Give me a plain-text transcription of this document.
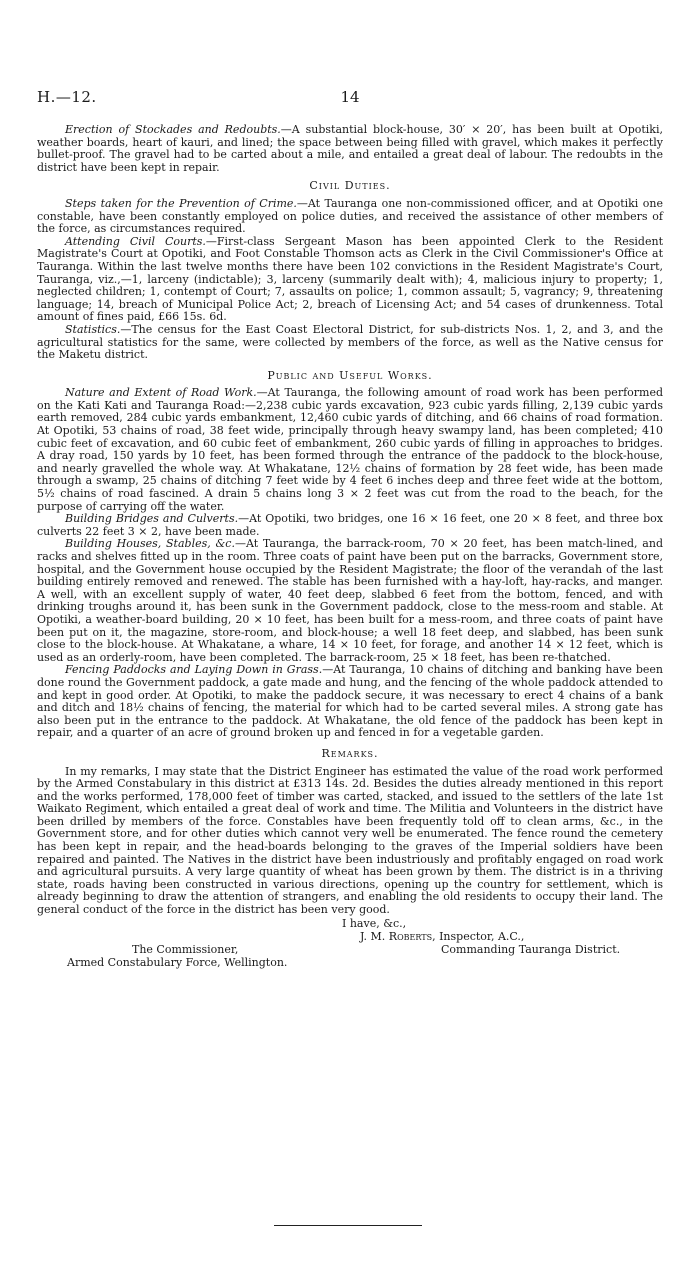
H.—12.	14

Erection of Stockades and Redoubts.—A substantial block-house, 30′ × 20′, has been built at Opotiki, weather boards, heart of kauri, and lined; the space between being filled with gravel, which makes it perfectly bullet-proof. The gravel had to be carted about a mile, and entailed a great deal of labour. The redoubts in the district have been kept in repair.

Civil Duties.

Steps taken for the Prevention of Crime.—At Tauranga one non-commissioned officer, and at Opotiki one constable, have been constantly employed on police duties, and received the assistance of other members of the force, as circumstances required.

Attending Civil Courts.—First-class Sergeant Mason has been appointed Clerk to the Resident Magistrate's Court at Opotiki, and Foot Constable Thomson acts as Clerk in the Civil Commissioner's Office at Tauranga. Within the last twelve months there have been 102 convictions in the Resident Magistrate's Court, Tauranga, viz.,—1, larceny (indictable); 3, larceny (summarily dealt with); 4, malicious injury to property; 1, neglected children; 1, contempt of Court; 7, assaults on police; 1, common assault; 5, vagrancy; 9, threatening language; 14, breach of Municipal Police Act; 2, breach of Licensing Act; and 54 cases of drunkenness. Total amount of fines paid, £66 15s. 6d.

Statistics.—The census for the East Coast Electoral District, for sub-districts Nos. 1, 2, and 3, and the agricultural statistics for the same, were collected by members of the force, as well as the Native census for the Maketu district.

Public and Useful Works.

Nature and Extent of Road Work.—At Tauranga, the following amount of road work has been performed on the Kati Kati and Tauranga Road:—2,238 cubic yards excavation, 923 cubic yards filling, 2,139 cubic yards earth removed, 284 cubic yards embankment, 12,460 cubic yards of ditching, and 66 chains of road formation. At Opotiki, 53 chains of road, 38 feet wide, principally through heavy swampy land, has been completed; 410 cubic feet of excavation, and 60 cubic feet of embankment, 260 cubic yards of filling in approaches to bridges. A dray road, 150 yards by 10 feet, has been formed through the entrance of the paddock to the block-house, and nearly gravelled the whole way. At Whakatane, 12½ chains of formation by 28 feet wide, has been made through a swamp, 25 chains of ditching 7 feet wide by 4 feet 6 inches deep and three feet wide at the bottom, 5½ chains of road fascined. A drain 5 chains long 3 × 2 feet was cut from the road to the beach, for the purpose of carrying off the water.

Building Bridges and Culverts.—At Opotiki, two bridges, one 16 × 16 feet, one 20 × 8 feet, and three box culverts 22 feet 3 × 2, have been made.

Building Houses, Stables, &c.—At Tauranga, the barrack-room, 70 × 20 feet, has been match-lined, and racks and shelves fitted up in the room. Three coats of paint have been put on the barracks, Government store, hospital, and the Government house occupied by the Resident Magistrate; the floor of the verandah of the last building entirely removed and renewed. The stable has been furnished with a hay-loft, hay-racks, and manger. A well, with an excellent supply of water, 40 feet deep, slabbed 6 feet from the bottom, fenced, and with drinking troughs around it, has been sunk in the Government paddock, close to the mess-room and stable. At Opotiki, a weather-board building, 20 × 10 feet, has been built for a mess-room, and three coats of paint have been put on it, the magazine, store-room, and block-house; a well 18 feet deep, and slabbed, has been sunk close to the block-house. At Whakatane, a whare, 14 × 10 feet, for forage, and another 14 × 12 feet, which is used as an orderly-room, have been completed. The barrack-room, 25 × 18 feet, has been re-thatched.

Fencing Paddocks and Laying Down in Grass.—At Tauranga, 10 chains of ditching and banking have been done round the Government paddock, a gate made and hung, and the fencing of the whole paddock attended to and kept in good order. At Opotiki, to make the paddock secure, it was necessary to erect 4 chains of a bank and ditch and 18½ chains of fencing, the material for which had to be carted several miles. A strong gate has also been put in the entrance to the paddock. At Whakatane, the old fence of the paddock has been kept in repair, and a quarter of an acre of ground broken up and fenced in for a vegetable garden.

Remarks.

In my remarks, I may state that the District Engineer has estimated the value of the road work performed by the Armed Constabulary in this district at £313 14s. 2d. Besides the duties already mentioned in this report and the works performed, 178,000 feet of timber was carted, stacked, and issued to the settlers of the late 1st Waikato Regiment, which entailed a great deal of work and time. The Militia and Volunteers in the district have been drilled by members of the force. Constables have been frequently told off to clean arms, &c., in the Government store, and for other duties which cannot very well be enumerated. The fence round the cemetery has been kept in repair, and the head-boards belonging to the graves of the Imperial soldiers have been repaired and painted. The Natives in the district have been industriously and profitably engaged on road work and agricultural pursuits. A very large quantity of wheat has been grown by them. The district is in a thriving state, roads having been constructed in various directions, opening up the country for settlement, which is already beginning to draw the attention of strangers, and enabling the old residents to occupy their land. The general conduct of the force in the district has been very good.

I have, &c.,
J. M. Roberts, Inspector, A.C.,
The Commissioner,	Commanding Tauranga District.
Armed Constabulary Force, Wellington.
